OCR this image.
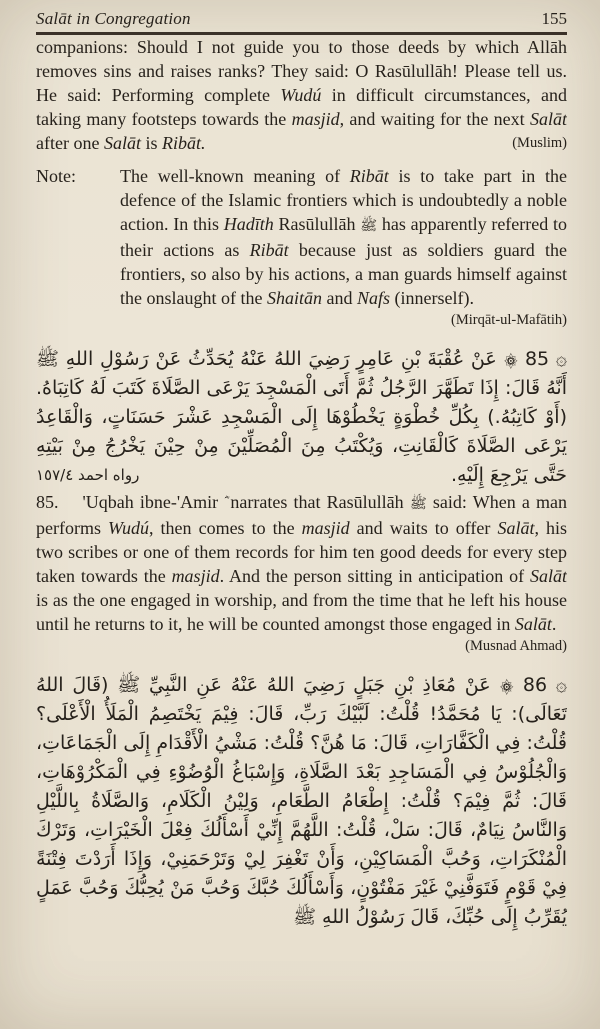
Salāt in Congregation	155

companions: Should I not guide you to those deeds by which Allāh removes sins and raises ranks? They said: O Rasūlullāh! Please tell us. He said: Performing complete Wudú in difficult circumstances, and taking many footsteps towards the masjid, and waiting for the next Salāt after one Salāt is Ribāt.	(Muslim)

Note:	The well-known meaning of Ribāt is to take part in the defence of the Islamic frontiers which is undoubtedly a noble action. In this Hadīth Rasūlullāh ﷺ has apparently referred to their actions as Ribāt because just as soldiers guard the frontiers, so also by his actions, a man guards himself against the onslaught of the Shaitān and Nafs (innerself).

(Mirqāt-ul-Mafātih)

۞ 85 ۞ عَنْ عُقْبَةَ بْنِ عَامِرٍ رَضِيَ اللهُ عَنْهُ يُحَدِّثُ عَنْ رَسُوْلِ اللهِ ﷺ أَنَّهُ قَالَ: إِذَا تَطَهَّرَ الرَّجُلُ ثُمَّ أَتَى الْمَسْجِدَ يَرْعَى الصَّلَاةَ كَتَبَ لَهُ كَاتِبَاهُ. (أَوْ كَاتِبُهُ.) بِكُلِّ خُطْوَةٍ يَخْطُوْهَا إِلَى الْمَسْجِدِ عَشْرَ حَسَنَاتٍ، وَالْقَاعِدُ يَرْعَى الصَّلَاةَ كَالْقَانِتِ، وَيُكْتَبُ مِنَ الْمُصَلِّيْنَ مِنْ حِيْنَ يَخْرُجُ مِنْ بَيْتِهِ حَتَّى يَرْجِعَ إِلَيْهِ.
رواه احمد ١٥٧/٤

85. 'Uqbah ibne-'Amir ؓ narrates that Rasūlullāh ﷺ said: When a man performs Wudú, then comes to the masjid and waits to offer Salāt, his two scribes or one of them records for him ten good deeds for every step taken towards the masjid. And the person sitting in anticipation of Salāt is as the one engaged in worship, and from the time that he left his house until he returns to it, he will be counted amongst those engaged in Salāt.

(Musnad Ahmad)

۞ 86 ۞ عَنْ مُعَاذِ بْنِ جَبَلٍ رَضِيَ اللهُ عَنْهُ عَنِ النَّبِيِّ ﷺ (قَالَ اللهُ تَعَالَى): يَا مُحَمَّدُ! قُلْتُ: لَبَّيْكَ رَبِّ، قَالَ: فِيْمَ يَخْتَصِمُ الْمَلَأُ الْأَعْلَى؟ قُلْتُ: فِي الْكَفَّارَاتِ، قَالَ: مَا هُنَّ؟ قُلْتُ: مَشْيُ الْأَقْدَامِ إِلَى الْجَمَاعَاتِ، وَالْجُلُوْسُ فِي الْمَسَاجِدِ بَعْدَ الصَّلَاةِ، وَإِسْبَاغُ الْوُضُوْءِ فِي الْمَكْرُوْهَاتِ، قَالَ: ثُمَّ فِيْمَ؟ قُلْتُ: إِطْعَامُ الطَّعَامِ، وَلِيْنُ الْكَلَامِ، وَالصَّلَاةُ بِاللَّيْلِ وَالنَّاسُ نِيَامٌ، قَالَ: سَلْ، قُلْتُ: اللَّهُمَّ إِنِّيْ أَسْأَلُكَ فِعْلَ الْخَيْرَاتِ، وَتَرْكَ الْمُنْكَرَاتِ، وَحُبَّ الْمَسَاكِيْنِ، وَأَنْ تَغْفِرَ لِيْ وَتَرْحَمَنِيْ، وَإِذَا أَرَدْتَ فِتْنَةً فِيْ قَوْمٍ فَتَوَفَّنِيْ غَيْرَ مَفْتُوْنٍ، وَأَسْأَلُكَ حُبَّكَ وَحُبَّ مَنْ يُحِبُّكَ وَحُبَّ عَمَلٍ يُقَرِّبُ إِلَى حُبِّكَ، قَالَ رَسُوْلُ اللهِ ﷺ
